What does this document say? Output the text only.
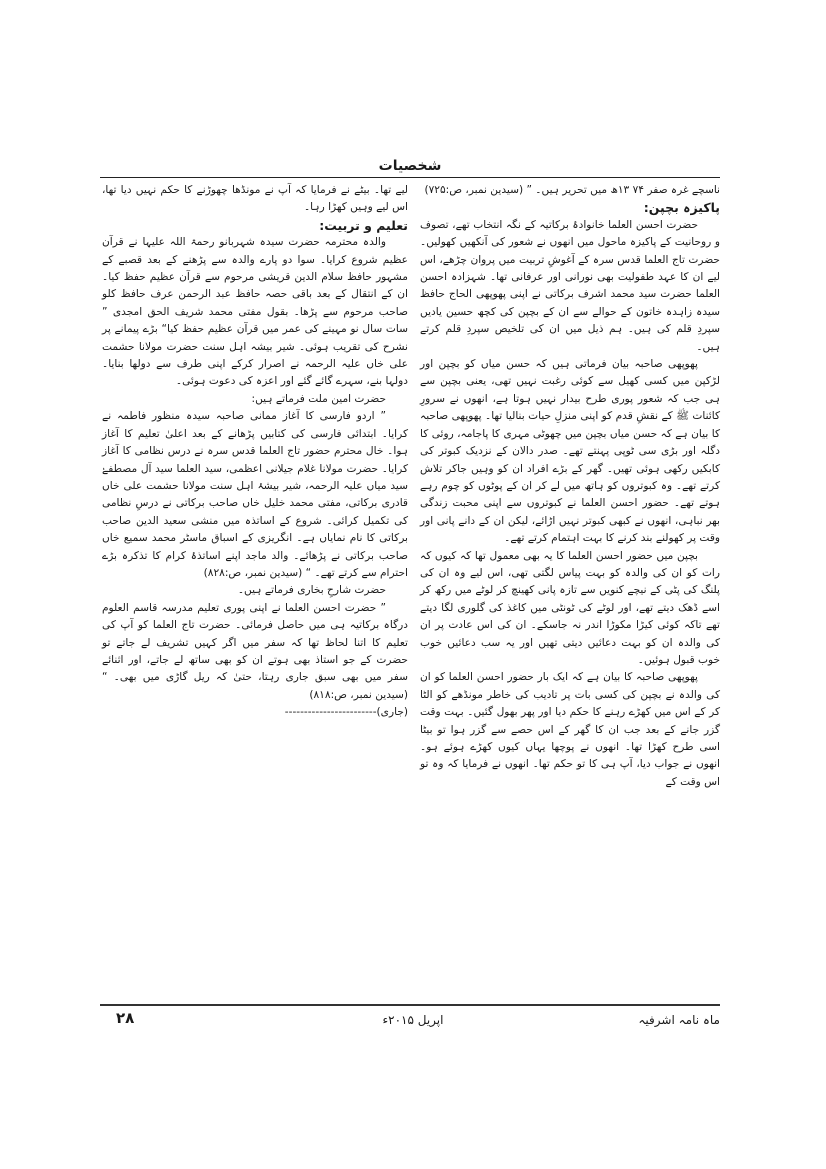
شخصیات

ناسچے غرہ صفر ۷۴ ۱۳ھ میں تحریر ہیں۔ ” (سیدین نمبر، ص:۷۲۵)

پاکیزہ بچپن:

حضرت احسن العلما خانوادۂ برکاتیہ کے نگہ انتخاب تھے، تصوف و روحانیت کے پاکیزہ ماحول میں انھوں نے شعور کی آنکھیں کھولیں۔ حضرت تاج العلما قدس سرہ کے آغوشِ تربیت میں پروان چڑھے، اس لیے ان کا عہد طفولیت بھی نورانی اور عرفانی تھا۔ شہزادہ احسن العلما حضرت سید محمد اشرف برکاتی نے اپنی پھوپھی الحاج حافظ سیدہ زاہدہ خاتون کے حوالے سے ان کے بچپن کی کچھ حسین یادیں سپردِ قلم کی ہیں۔ ہم ذیل میں ان کی تلخیص سپردِ قلم کرتے ہیں۔

پھوپھی صاحبہ بیان فرماتی ہیں کہ حسن میاں کو بچپن اور لڑکپن میں کسی کھیل سے کوئی رغبت نہیں تھی، یعنی بچپن سے ہی جب کہ شعور پوری طرح بیدار نہیں ہوتا ہے، انھوں نے سرورِ کائنات ﷺ کے نقشِ قدم کو اپنی منزلِ حیات بنالیا تھا۔ پھوپھی صاحبہ کا بیان ہے کہ حسن میاں بچپن میں چھوٹی مہری کا پاجامہ، روئی کا دگلہ اور بڑی سی ٹوپی پہنتے تھے۔ صدر دالان کے نزدیک کبوتر کی کابکیں رکھی ہوئی تھیں۔ گھر کے بڑے افراد ان کو وہیں جاکر تلاش کرتے تھے۔ وہ کبوتروں کو ہاتھ میں لے کر ان کے پوٹوں کو چوم رہے ہوتے تھے۔ حضور احسن العلما نے کبوتروں سے اپنی محبت زندگی بھر نباہی، انھوں نے کبھی کبوتر نہیں اڑائے، لیکن ان کے دانے پانی اور وقت پر کھولنے بند کرنے کا بہت اہتمام کرتے تھے۔

بچپن میں حضور احسن العلما کا یہ بھی معمول تھا کہ کیوں کہ رات کو ان کی والدہ کو بہت پیاس لگتی تھی، اس لیے وہ ان کی پلنگ کی پٹی کے نیچے کنویں سے تازہ پانی کھینچ کر لوٹے میں رکھ کر اسے ڈھک دیتے تھے، اور لوٹے کی ٹونٹی میں کاغذ کی گلوری لگا دیتے تھے تاکہ کوئی کیڑا مکوڑا اندر نہ جاسکے۔ ان کی اس عادت پر ان کی والدہ ان کو بہت دعائیں دیتی تھیں اور یہ سب دعائیں خوب خوب قبول ہوئیں۔

پھوپھی صاحبہ کا بیان ہے کہ ایک بار حضور احسن العلما کو ان کی والدہ نے بچپن کی کسی بات پر تادیب کی خاطر مونڈھے کو الٹا کر کے اس میں کھڑے رہنے کا حکم دیا اور پھر بھول گئیں۔ بہت وقت گزر جانے کے بعد جب ان کا گھر کے اس حصے سے گزر ہوا تو بیٹا اسی طرح کھڑا تھا۔ انھوں نے پوچھا یہاں کیوں کھڑے ہوئے ہو۔ انھوں نے جواب دیا، آپ ہی کا تو حکم تھا۔ انھوں نے فرمایا کہ وہ تو اس وقت کے

لیے تھا۔ بیٹے نے فرمایا کہ آپ نے مونڈھا چھوڑنے کا حکم نہیں دیا تھا، اس لیے وہیں کھڑا رہا۔

تعلیم و تربیت:

والدہ محترمہ حضرت سیدہ شہربانو رحمۃ اللہ علیہا نے قرآن عظیم شروع کرایا۔ سوا دو پارے والدہ سے پڑھنے کے بعد قصبے کے مشہور حافظ سلام الدین قریشی مرحوم سے قرآن عظیم حفظ کیا۔ ان کے انتقال کے بعد باقی حصہ حافظ عبد الرحمن عرف حافظ کلو صاحب مرحوم سے پڑھا۔ بقول مفتی محمد شریف الحق امجدی ” سات سال نو مہینے کی عمر میں قرآن عظیم حفظ کیا“ بڑے پیمانے پر نشرح کی تقریب ہوئی۔ شیر بیشہ اہل سنت حضرت مولانا حشمت علی خاں علیہ الرحمہ نے اصرار کرکے اپنی طرف سے دولھا بنایا۔ دولہا بنے، سہرے گائے گئے اور اعزہ کی دعوت ہوئی۔

حضرت امین ملت فرماتے ہیں:

” اردو فارسی کا آغاز ممانی صاحبہ سیدہ منظور فاطمہ نے کرایا۔ ابتدائی فارسی کی کتابیں پڑھانے کے بعد اعلیٰ تعلیم کا آغاز ہوا۔ خال محترم حضور تاج العلما قدس سرہ نے درس نظامی کا آغاز کرایا۔ حضرت مولانا غلام جیلانی اعظمی، سید العلما سید آل مصطفےٰ سید میاں علیہ الرحمہ، شیر بیشۂ اہل سنت مولانا حشمت علی خاں قادری برکاتی، مفتی محمد خلیل خاں صاحب برکاتی نے درسِ نظامی کی تکمیل کرائی۔ شروع کے اساتذہ میں منشی سعید الدین صاحب برکاتی کا نام نمایاں ہے۔ انگریزی کے اسباق ماسٹر محمد سمیع خاں صاحب برکاتی نے پڑھائے۔ والد ماجد اپنے اساتذۂ کرام کا تذکرہ بڑے احترام سے کرتے تھے۔ “ (سیدین نمبر، ص:۸۲۸)

حضرت شارحِ بخاری فرماتے ہیں۔

” حضرت احسن العلما نے اپنی پوری تعلیم مدرسہ قاسم العلوم درگاہ برکاتیہ ہی میں حاصل فرمائی۔ حضرت تاج العلما کو آپ کی تعلیم کا اتنا لحاظ تھا کہ سفر میں اگر کہیں تشریف لے جاتے تو حضرت کے جو استاذ بھی ہوتے ان کو بھی ساتھ لے جاتے، اور اثنائے سفر میں بھی سبق جاری رہتا، حتیٰ کہ ریل گاڑی میں بھی۔ “ (سیدین نمبر، ص:۸۱۸)

(جاری)------------------------

ماہ نامہ اشرفیہ
اپریل ۲۰۱۵ء
۲۸
